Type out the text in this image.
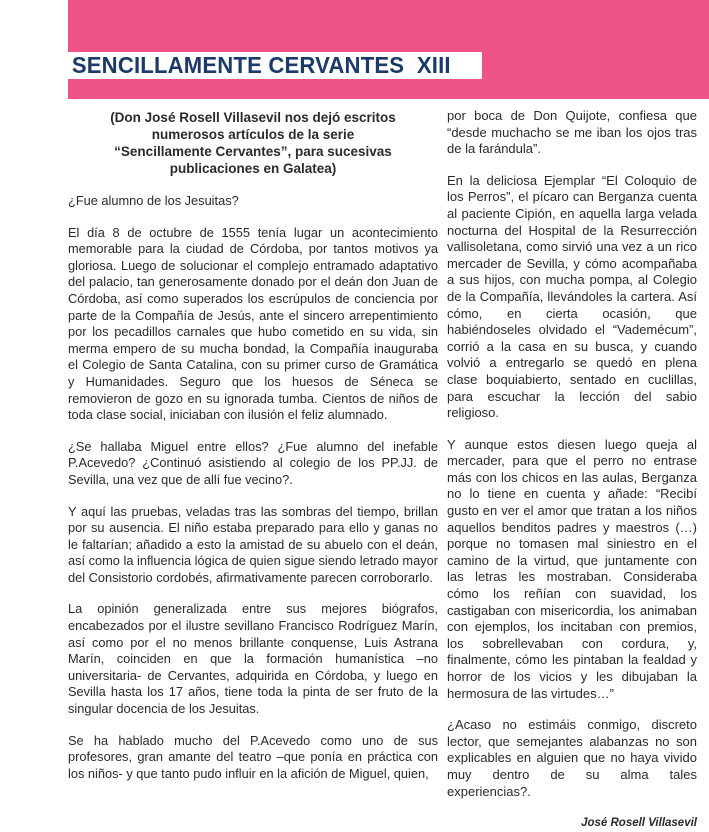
SENCILLAMENTE CERVANTES  XIII
(Don José Rosell Villasevil nos dejó escritos
numerosos artículos de la serie
“Sencillamente Cervantes”, para sucesivas
publicaciones en Galatea)

¿Fue alumno de los Jesuitas?

El día 8 de octubre de 1555 tenía lugar un acontecimiento memorable para la ciudad de Córdoba, por tantos motivos ya gloriosa. Luego de solucionar el complejo entramado adaptativo del palacio, tan generosamente donado por el deán don Juan de Córdoba, así como superados los escrúpulos de conciencia por parte de la Compañía de Jesús, ante el sincero arrepentimiento por los pecadillos carnales que hubo cometido en su vida, sin merma empero de su mucha bondad, la Compañía inauguraba el Colegio de Santa Catalina, con su primer curso de Gramática y Humanidades. Seguro que los huesos de Séneca se removieron de gozo en su ignorada tumba. Cientos de niños de toda clase social, iniciaban con ilusión el feliz alumnado.

¿Se hallaba Miguel entre ellos? ¿Fue alumno del inefable P.Acevedo? ¿Continuó asistiendo al colegio de los PP.JJ. de Sevilla, una vez que de allí fue vecino?.

Y aquí las pruebas, veladas tras las sombras del tiempo, brillan por su ausencia. El niño estaba preparado para ello y ganas no le faltarían; añadido a esto la amistad de su abuelo con el deán, así como la influencia lógica de quien sigue siendo letrado mayor del Consistorio cordobés, afirmativamente parecen corroborarlo.

La opinión generalizada entre sus mejores biógrafos, encabezados por el ilustre sevillano Francisco Rodríguez Marín, así como por el no menos brillante conquense, Luis Astrana Marín, coinciden en que la formación humanística –no universitaria- de Cervantes, adquirida en Córdoba, y luego en Sevilla hasta los 17 años, tiene toda la pinta de ser fruto de la singular docencia de los Jesuitas.

Se ha hablado mucho del P.Acevedo como uno de sus profesores, gran amante del teatro –que ponía en práctica con los niños- y que tanto pudo influir en la afición de Miguel, quien,

por boca de Don Quijote, confiesa que “desde muchacho se me iban los ojos tras de la farándula”.

En la deliciosa Ejemplar “El Coloquio de los Perros”, el pícaro can Berganza cuenta al paciente Cipión, en aquella larga velada nocturna del Hospital de la Resurrección vallisoletana, como sirvió una vez a un rico mercader de Sevilla, y cómo acompañaba a sus hijos, con mucha pompa, al Colegio de la Compañía, llevándoles la cartera. Así cómo, en cierta ocasión, que habiéndoseles olvidado el “Vademécum”, corrió a la casa en su busca, y cuando volvió a entregarlo se quedó en plena clase boquiabierto, sentado en cuclillas, para escuchar la lección del sabio religioso.

Y aunque estos diesen luego queja al mercader, para que el perro no entrase más con los chicos en las aulas, Berganza no lo tiene en cuenta y añade: “Recibí gusto en ver el amor que tratan a los niños aquellos benditos padres y maestros (…) porque no tomasen mal siniestro en el camino de la virtud, que juntamente con las letras les mostraban. Consideraba cómo los reñían con suavidad, los castigaban con misericordia, los animaban con ejemplos, los incitaban con premios, los sobrellevaban con cordura, y, finalmente, cómo les pintaban la fealdad y horror de los vicios y les dibujaban la hermosura de las virtudes…”

¿Acaso no estimáis conmigo, discreto lector, que semejantes alabanzas no son explicables en alguien que no haya vivido muy dentro de su alma tales experiencias?.

José Rosell Villasevil
